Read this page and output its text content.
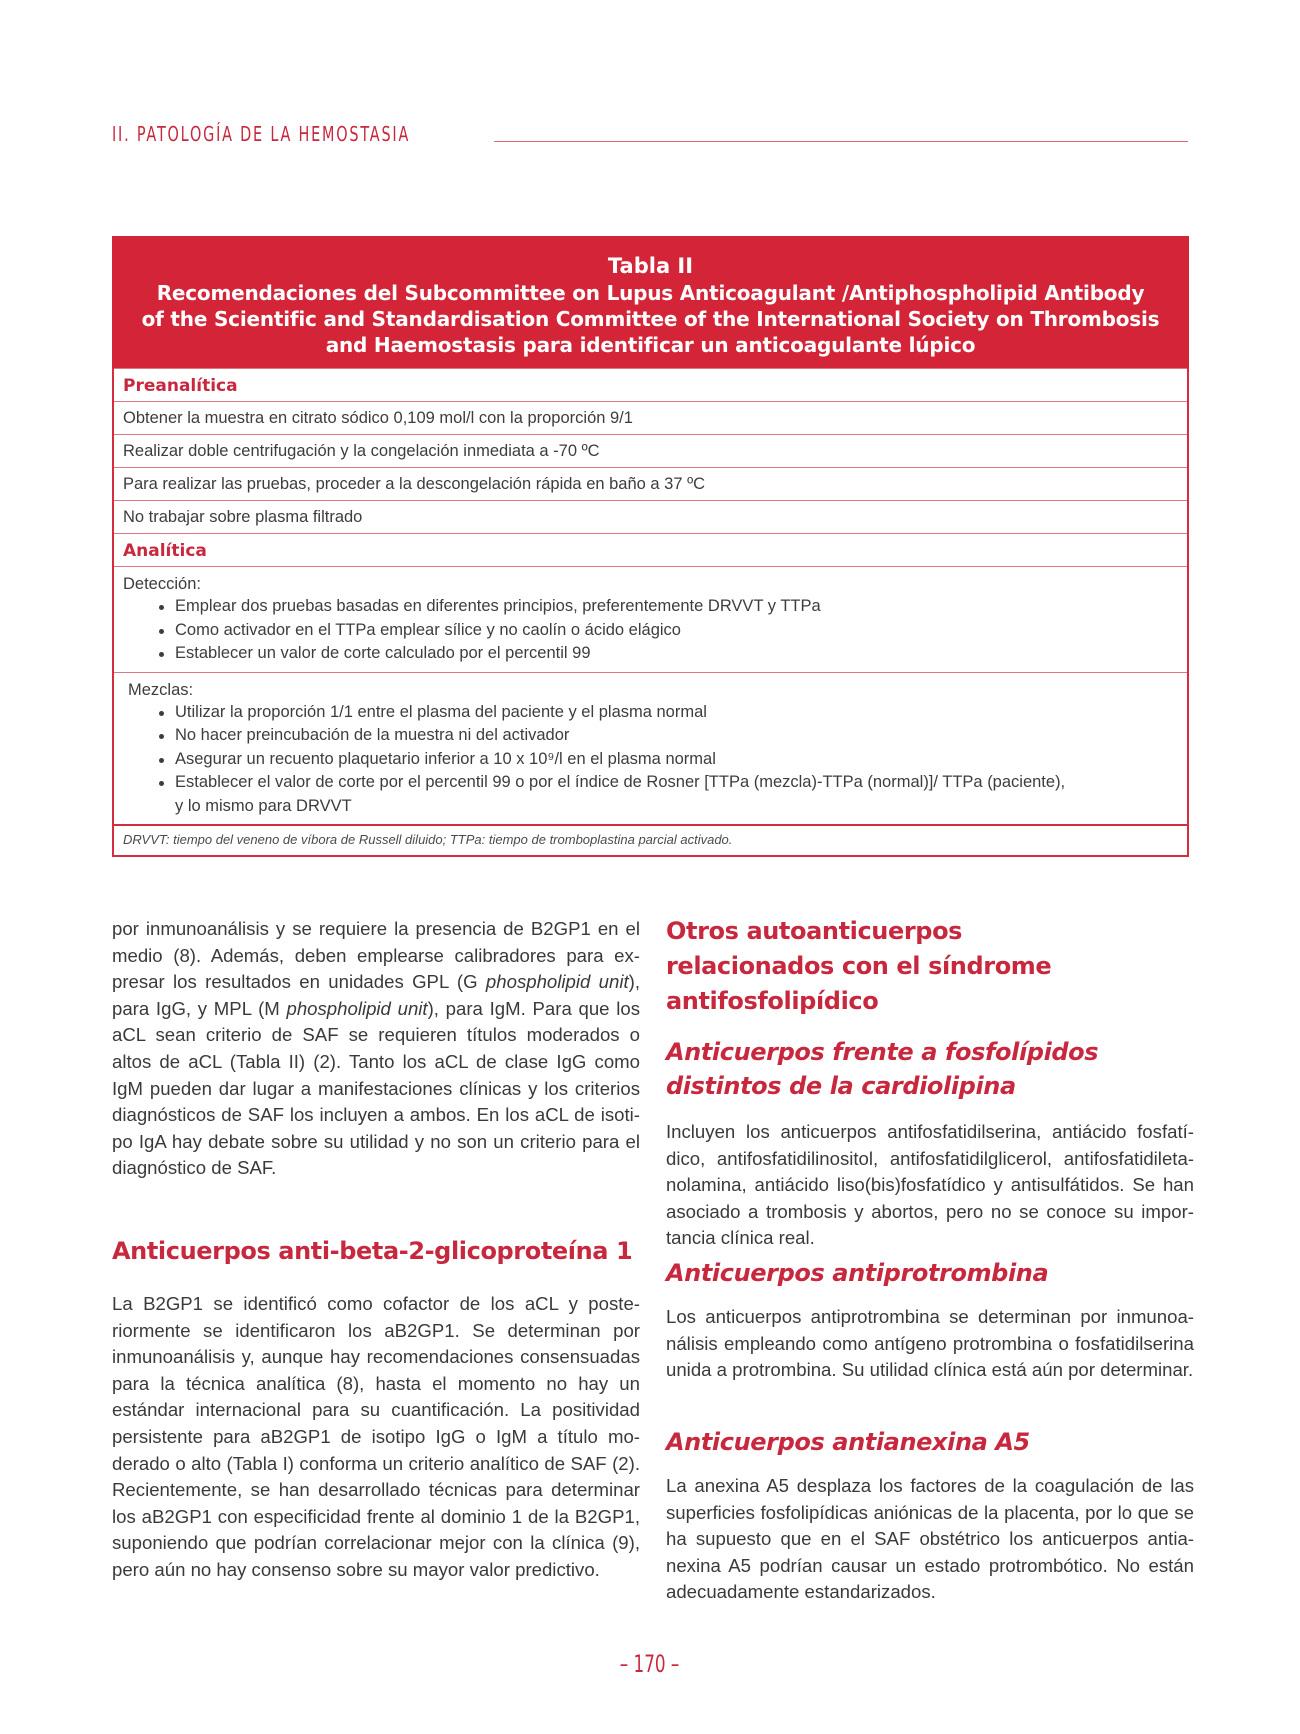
II. PATOLOGÍA DE LA HEMOSTASIA
Tabla II
Recomendaciones del Subcommittee on Lupus Anticoagulant /Antiphospholipid Antibody
of the Scientific and Standardisation Committee of the International Society on Thrombosis
and Haemostasis para identificar un anticoagulante lúpico
Preanalítica
Obtener la muestra en citrato sódico 0,109 mol/l con la proporción 9/1
Realizar doble centrifugación y la congelación inmediata a -70 ºC
Para realizar las pruebas, proceder a la descongelación rápida en baño a 37 ºC
No trabajar sobre plasma filtrado
Analítica
Detección:
Emplear dos pruebas basadas en diferentes principios, preferentemente DRVVT y TTPa
Como activador en el TTPa emplear sílice y no caolín o ácido elágico
Establecer un valor de corte calculado por el percentil 99
Mezclas:
Utilizar la proporción 1/1 entre el plasma del paciente y el plasma normal
No hacer preincubación de la muestra ni del activador
Asegurar un recuento plaquetario inferior a 10 x 10⁹/l en el plasma normal
Establecer el valor de corte por el percentil 99 o por el índice de Rosner [TTPa (mezcla)-TTPa (normal)]/ TTPa (paciente),
y lo mismo para DRVVT
DRVVT: tiempo del veneno de víbora de Russell diluido; TTPa: tiempo de tromboplastina parcial activado.

por inmunoanálisis y se requiere la presencia de B2GP1 en el medio (8). Además, deben emplearse calibradores para expresar los resultados en unidades GPL (G phospholipid unit), para IgG, y MPL (M phospholipid unit), para IgM. Para que los aCL sean criterio de SAF se requieren títulos moderados o altos de aCL (Tabla II) (2). Tanto los aCL de clase IgG como IgM pueden dar lugar a manifestaciones clínicas y los criterios diagnósticos de SAF los incluyen a ambos. En los aCL de isotipo IgA hay debate sobre su utilidad y no son un criterio para el diagnóstico de SAF.

Anticuerpos anti-beta-2-glicoproteína 1

La B2GP1 se identificó como cofactor de los aCL y posteriormente se identificaron los aB2GP1. Se determinan por inmunoanálisis y, aunque hay recomendaciones consensuadas para la técnica analítica (8), hasta el momento no hay un estándar internacional para su cuantificación. La positividad persistente para aB2GP1 de isotipo IgG o IgM a título moderado o alto (Tabla I) conforma un criterio analítico de SAF (2). Recientemente, se han desarrollado técnicas para determinar los aB2GP1 con especificidad frente al dominio 1 de la B2GP1, suponiendo que podrían correlacionar mejor con la clínica (9), pero aún no hay consenso sobre su mayor valor predictivo.

Otros autoanticuerpos relacionados con el síndrome antifosfolipídico
Anticuerpos frente a fosfolípidos distintos de la cardiolipina

Incluyen los anticuerpos antifosfatidilserina, antiácido fosfatídico, antifosfatidilinositol, antifosfatidilglicerol, antifosfatidiletanolamina, antiácido liso(bis)fosfatídico y antisulfátidos. Se han asociado a trombosis y abortos, pero no se conoce su importancia clínica real.

Anticuerpos antiprotrombina

Los anticuerpos antiprotrombina se determinan por inmunoanálisis empleando como antígeno protrombina o fosfatidilserina unida a protrombina. Su utilidad clínica está aún por determinar.

Anticuerpos antianexina A5

La anexina A5 desplaza los factores de la coagulación de las superficies fosfolipídicas aniónicas de la placenta, por lo que se ha supuesto que en el SAF obstétrico los anticuerpos antianexina A5 podrían causar un estado protrombótico. No están adecuadamente estandarizados.

– 170 –
